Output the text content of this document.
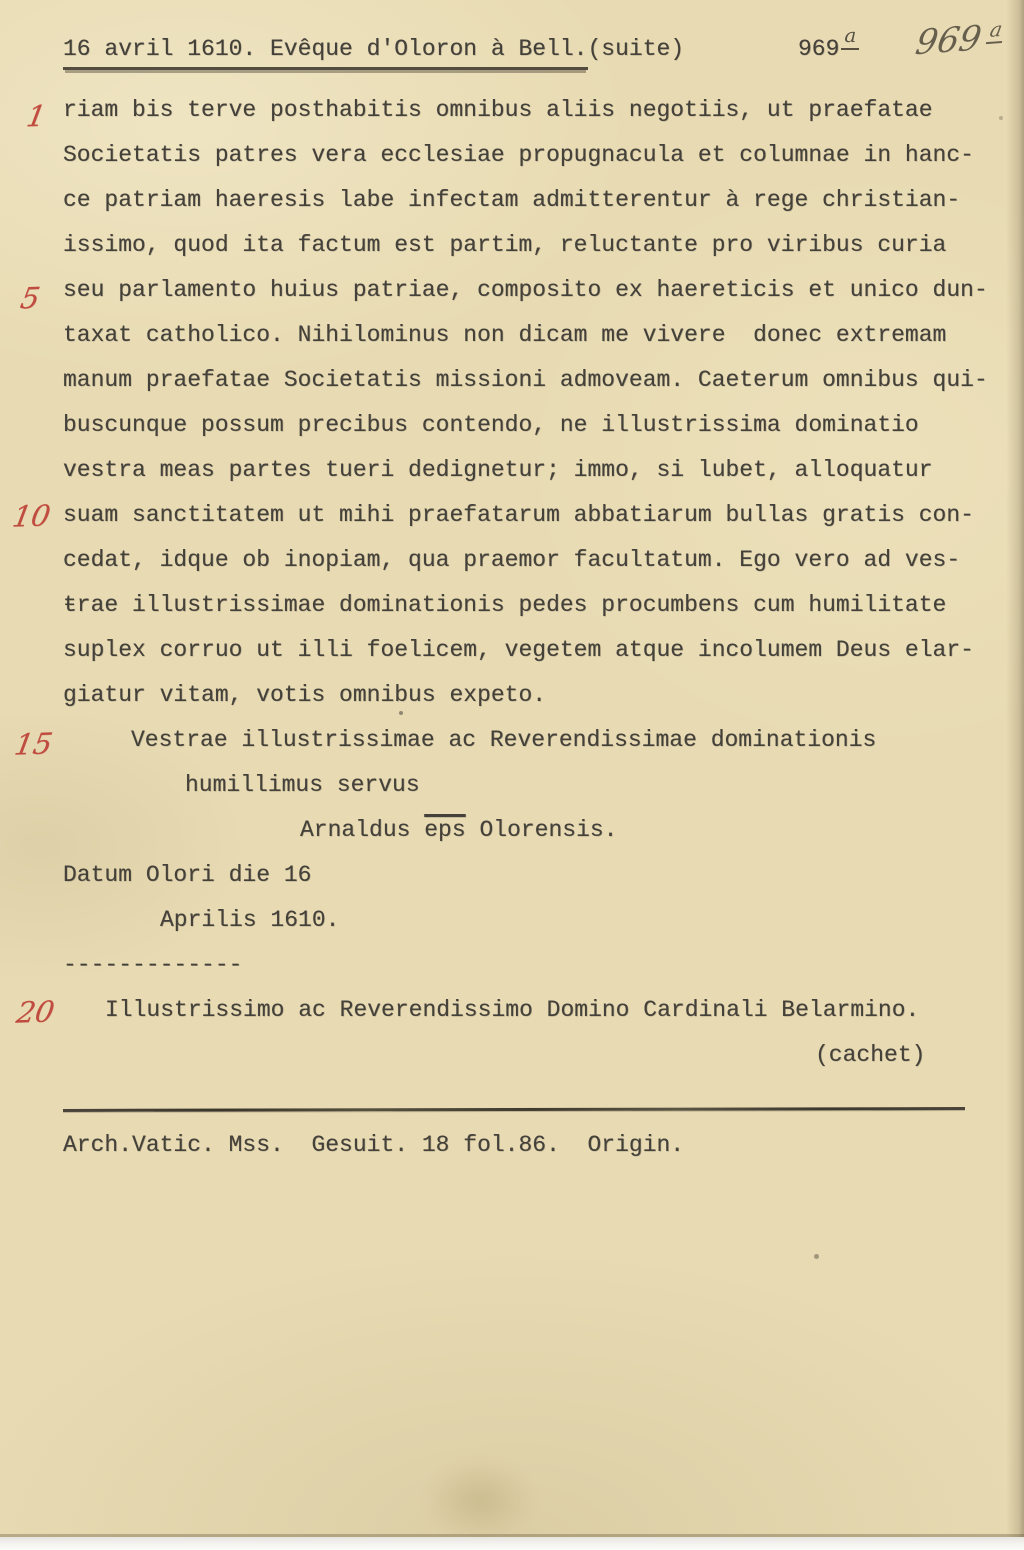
16 avril 1610. Evêque d'Oloron à Bell.(suite)	969a 969 a
1
5
10
15
20
riam bis terve posthabitis omnibus aliis negotiis, ut praefatae
Societatis patres vera ecclesiae propugnacula et columnae in hanc-
ce patriam haeresis labe infectam admitterentur à rege christian-
issimo, quod ita factum est partim, reluctante pro viribus curia
seu parlamento huius patriae, composito ex haereticis et unico dun-
taxat catholico. Nihilominus non dicam me vivere  donec extremam
manum praefatae Societatis missioni admoveam. Caeterum omnibus qui-
buscunque possum precibus contendo, ne illustrissima dominatio
vestra meas partes tueri dedignetur; immo, si lubet, alloquatur
suam sanctitatem ut mihi praefatarum abbatiarum bullas gratis con-
cedat, idque ob inopiam, qua praemor facultatum. Ego vero ad ves-
ŧrae illustrissimae dominationis pedes procumbens cum humilitate
suplex corruo ut illi foelicem, vegetem atque incolumem Deus elar-
giatur vitam, votis omnibus expeto.
Vestrae illustrissimae ac Reverendissimae dominationis
humillimus servus
Arnaldus $\overline{eps}$ Olorensis.
Datum Olori die 16
Aprilis 1610.
-------------
Illustrissimo ac Reverendissimo Domino Cardinali Belarmino.
(cachet)
Arch.Vatic. Mss.  Gesuit. 18 fol.86.  Origin.
